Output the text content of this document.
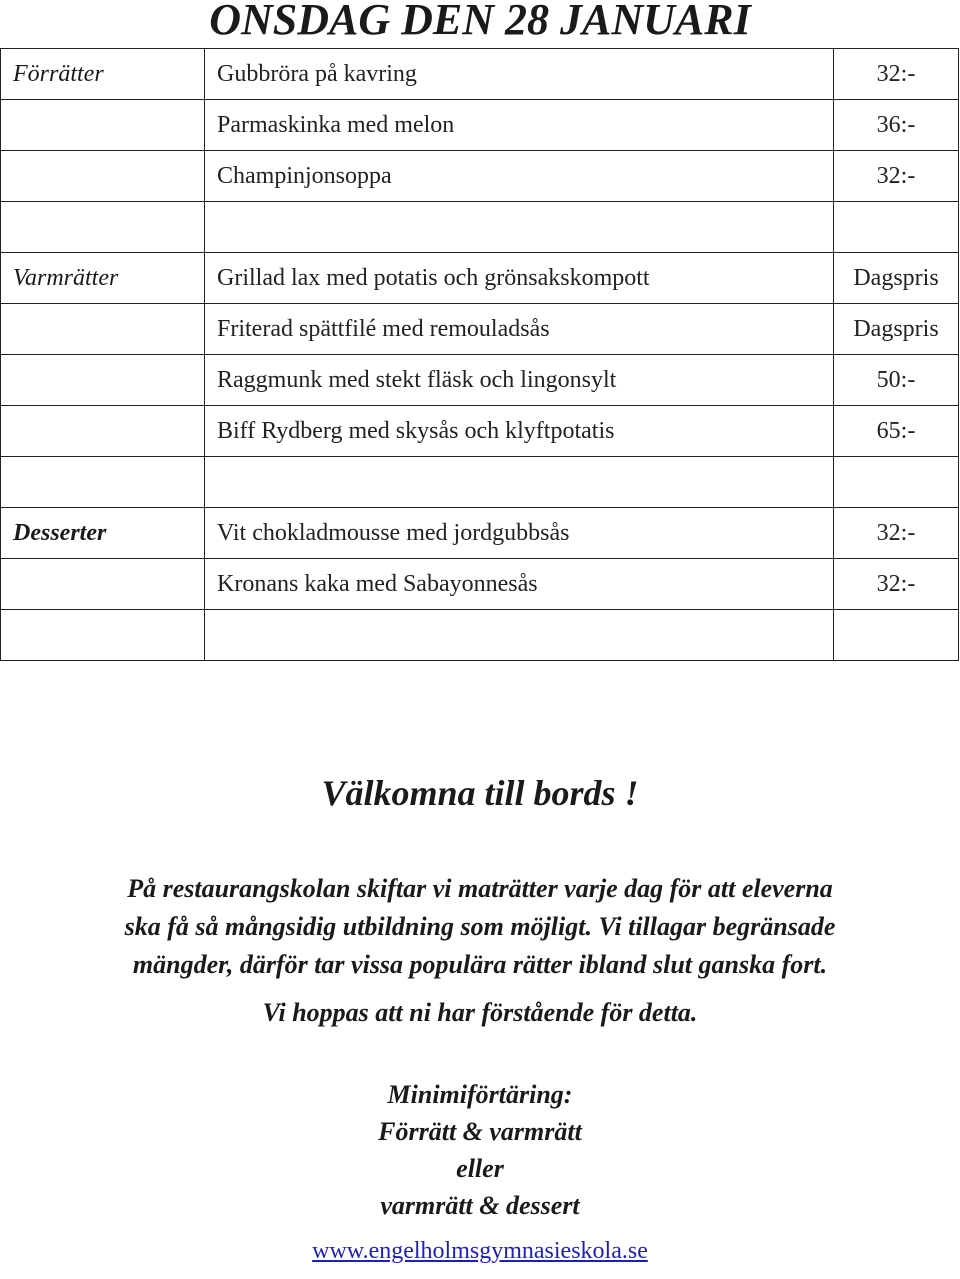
ONSDAG DEN 28 JANUARI
Förrätter	Gubbröra på kavring	32:-
	Parmaskinka med melon	36:-
	Champinjonsoppa	32:-

Varmrätter	Grillad lax med potatis och grönsakskompott	Dagspris
	Friterad spättfilé med remouladsås	Dagspris
	Raggmunk med stekt fläsk och lingonsylt	50:-
	Biff Rydberg med skysås och klyftpotatis	65:-

Desserter	Vit chokladmousse med jordgubbsås	32:-
	Kronans kaka med Sabayonnesås	32:-

Välkomna till bords !
På restaurangskolan skiftar vi maträtter varje dag för att eleverna
ska få så mångsidig utbildning som möjligt. Vi tillagar begränsade
mängder, därför tar vissa populära rätter ibland slut ganska fort.

Vi hoppas att ni har förstående för detta.

Minimiförtäring:
Förrätt & varmrätt
eller
varmrätt & dessert
www.engelholmsgymnasieskola.se
